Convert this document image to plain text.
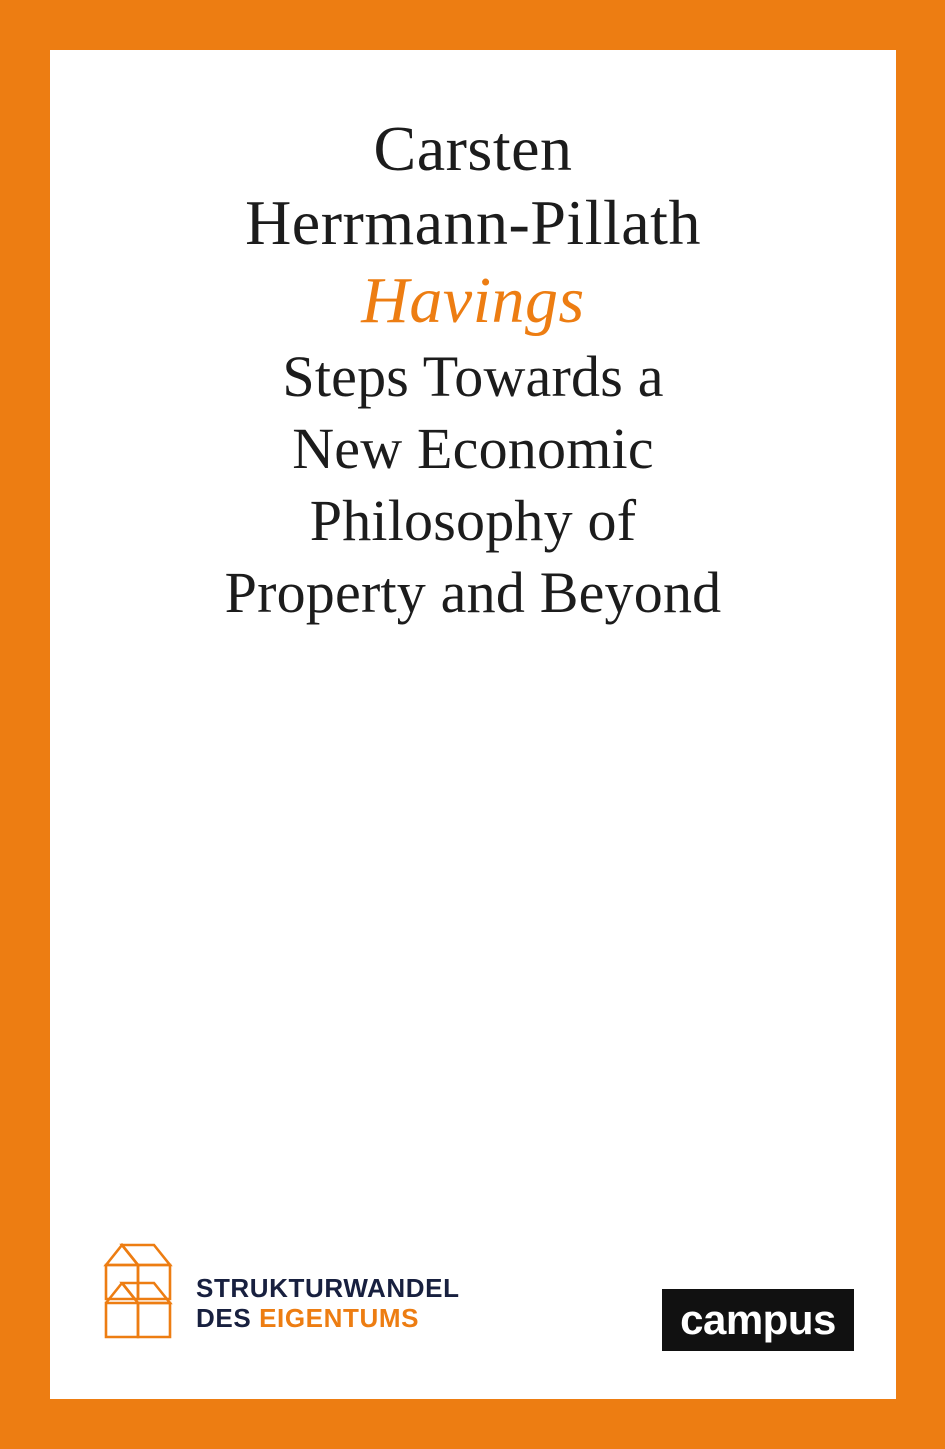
Carsten
Herrmann-Pillath
Havings
Steps Towards a
New Economic
Philosophy of
Property and Beyond
STRUKTURWANDEL
DES EIGENTUMS	campus
